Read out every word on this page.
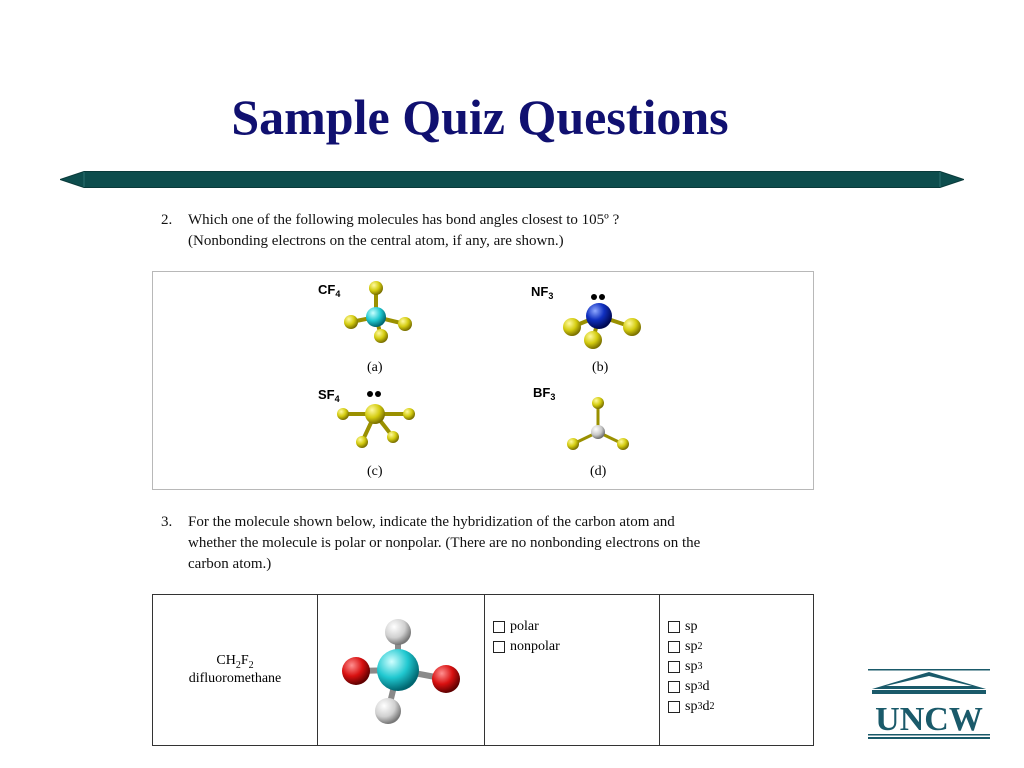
Sample Quiz Questions
2. Which one of the following molecules has bond angles closest to 105º ?
(Nonbonding electrons on the central atom, if any, are shown.)
$CF_4$
(a)
$NF_3$
(b)
$SF_4$
(c)
$BF_3$
(d)
3. For the molecule shown below, indicate the hybridization of the carbon atom and
whether the molecule is polar or nonpolar. (There are no nonbonding electrons on the
carbon atom.)
$CH_2F_2$
difluoromethane

polar
nonpolar

sp
sp 2
sp 3
sp 3 d
sp 3 d 2	UNCW
